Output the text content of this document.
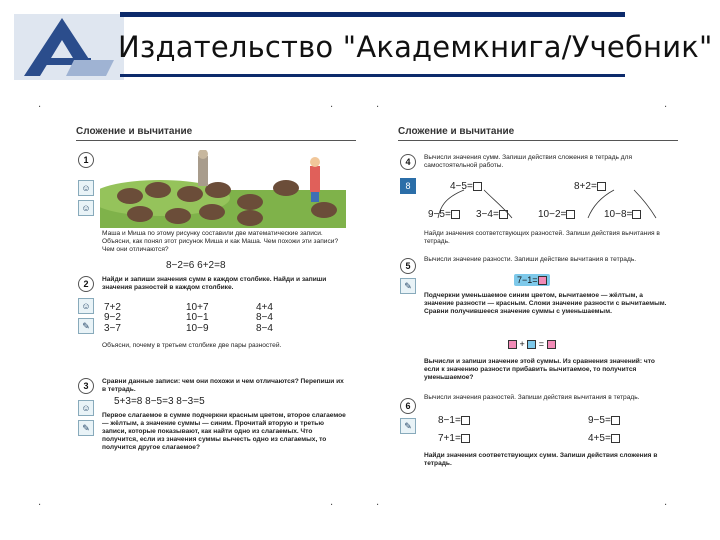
Издательство "Академкнига/Учебник"
·	·	·	·
·	·	·	·
Сложение и вычитание
1
☺
☺
Маша и Миша по этому рисунку составили две математические записи. Объясни, как понял этот рисунок Миша и как Маша. Чем похожи эти записи? Чем они отличаются?
8−2=6 6+2=8
2
☺
✎
Найди и запиши значения сумм в каждом столбике. Найди и запиши значения разностей в каждом столбике.
7+2	10+7	4+4
9−2	10−1	8−4
3−7	10−9	8−4
Объясни, почему в третьем столбике две пары разностей.
3
☺
✎
Сравни данные записи: чем они похожи и чем отличаются? Перепиши их в тетрадь.
5+3=8 8−5=3 8−3=5
Первое слагаемое в сумме подчеркни красным цветом, второе слагаемое — жёлтым, а значение суммы — синим. Прочитай вторую и третью записи, которые показывают, как найти одно из слагаемых. Что получится, если из значения суммы вычесть одно из слагаемых, то получится другое слагаемое?
Сложение и вычитание
4
8
Вычисли значения сумм. Запиши действия сложения в тетрадь для самостоятельной работы.
4−5=	8+2=
9−5=	3−4=	10−2=	10−8=
Найди значения соответствующих разностей. Запиши действия вычитания в тетрадь.
5
✎
Вычисли значение разности. Запиши действие вычитания в тетрадь.
7−1=
Подчеркни уменьшаемое синим цветом, вычитаемое — жёлтым, а значение разности — красным. Сложи значение разности с вычитаемым. Сравни получившееся значение суммы с уменьшаемым.
+  =
Вычисли и запиши значение этой суммы. Из сравнения значений: что если к значению разности прибавить вычитаемое, то получится уменьшаемое?
6
✎
Вычисли значения разностей. Запиши действия вычитания в тетрадь.
8−1=	9−5=
7+1=	4+5=
Найди значения соответствующих сумм. Запиши действия сложения в тетрадь.
